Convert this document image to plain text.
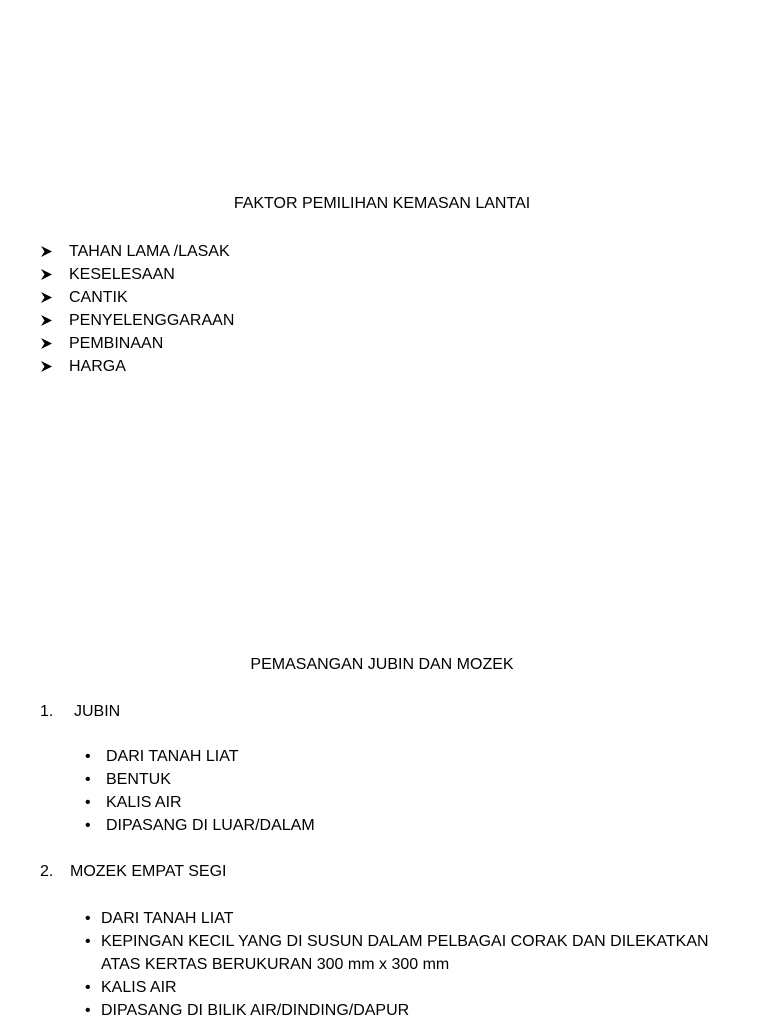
FAKTOR PEMILIHAN KEMASAN LANTAI
TAHAN LAMA /LASAK
KESELESAAN
CANTIK
PENYELENGGARAAN
PEMBINAAN
HARGA
PEMASANGAN JUBIN DAN MOZEK
1.	JUBIN
• DARI TANAH LIAT
• BENTUK
• KALIS AIR
• DIPASANG DI LUAR/DALAM
2.	MOZEK EMPAT SEGI
• DARI TANAH LIAT
• KEPINGAN KECIL YANG DI SUSUN DALAM PELBAGAI CORAK DAN DILEKATKAN ATAS KERTAS BERUKURAN 300 mm x 300 mm
• KALIS AIR
• DIPASANG DI BILIK AIR/DINDING/DAPUR
